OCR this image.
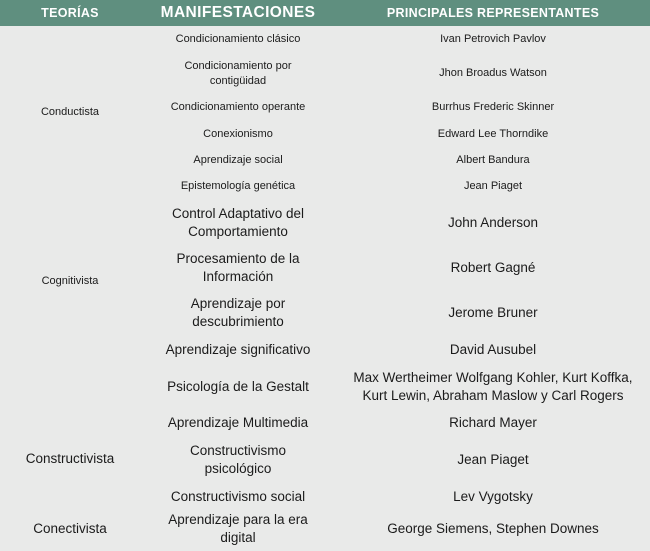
TEORÍAS	MANIFESTACIONES	PRINCIPALES REPRESENTANTES
Conductista	Condicionamiento clásico	Ivan Petrovich Pavlov
	Condicionamiento por contigüidad	Jhon Broadus Watson
	Condicionamiento operante	Burrhus Frederic Skinner
	Conexionismo	Edward Lee Thorndike
	Aprendizaje social	Albert Bandura
	Epistemología genética	Jean Piaget
Cognitivista	Control Adaptativo del Comportamiento	John Anderson
	Procesamiento de la Información	Robert Gagné
	Aprendizaje por descubrimiento	Jerome Bruner
	Aprendizaje significativo	David Ausubel
Constructivista	Psicología de la Gestalt	Max Wertheimer Wolfgang Kohler, Kurt Koffka, Kurt Lewin, Abraham Maslow y Carl Rogers
	Aprendizaje Multimedia	Richard Mayer
	Constructivismo psicológico	Jean Piaget
	Constructivismo social	Lev Vygotsky
Conectivista	Aprendizaje para la era digital	George Siemens, Stephen Downes
